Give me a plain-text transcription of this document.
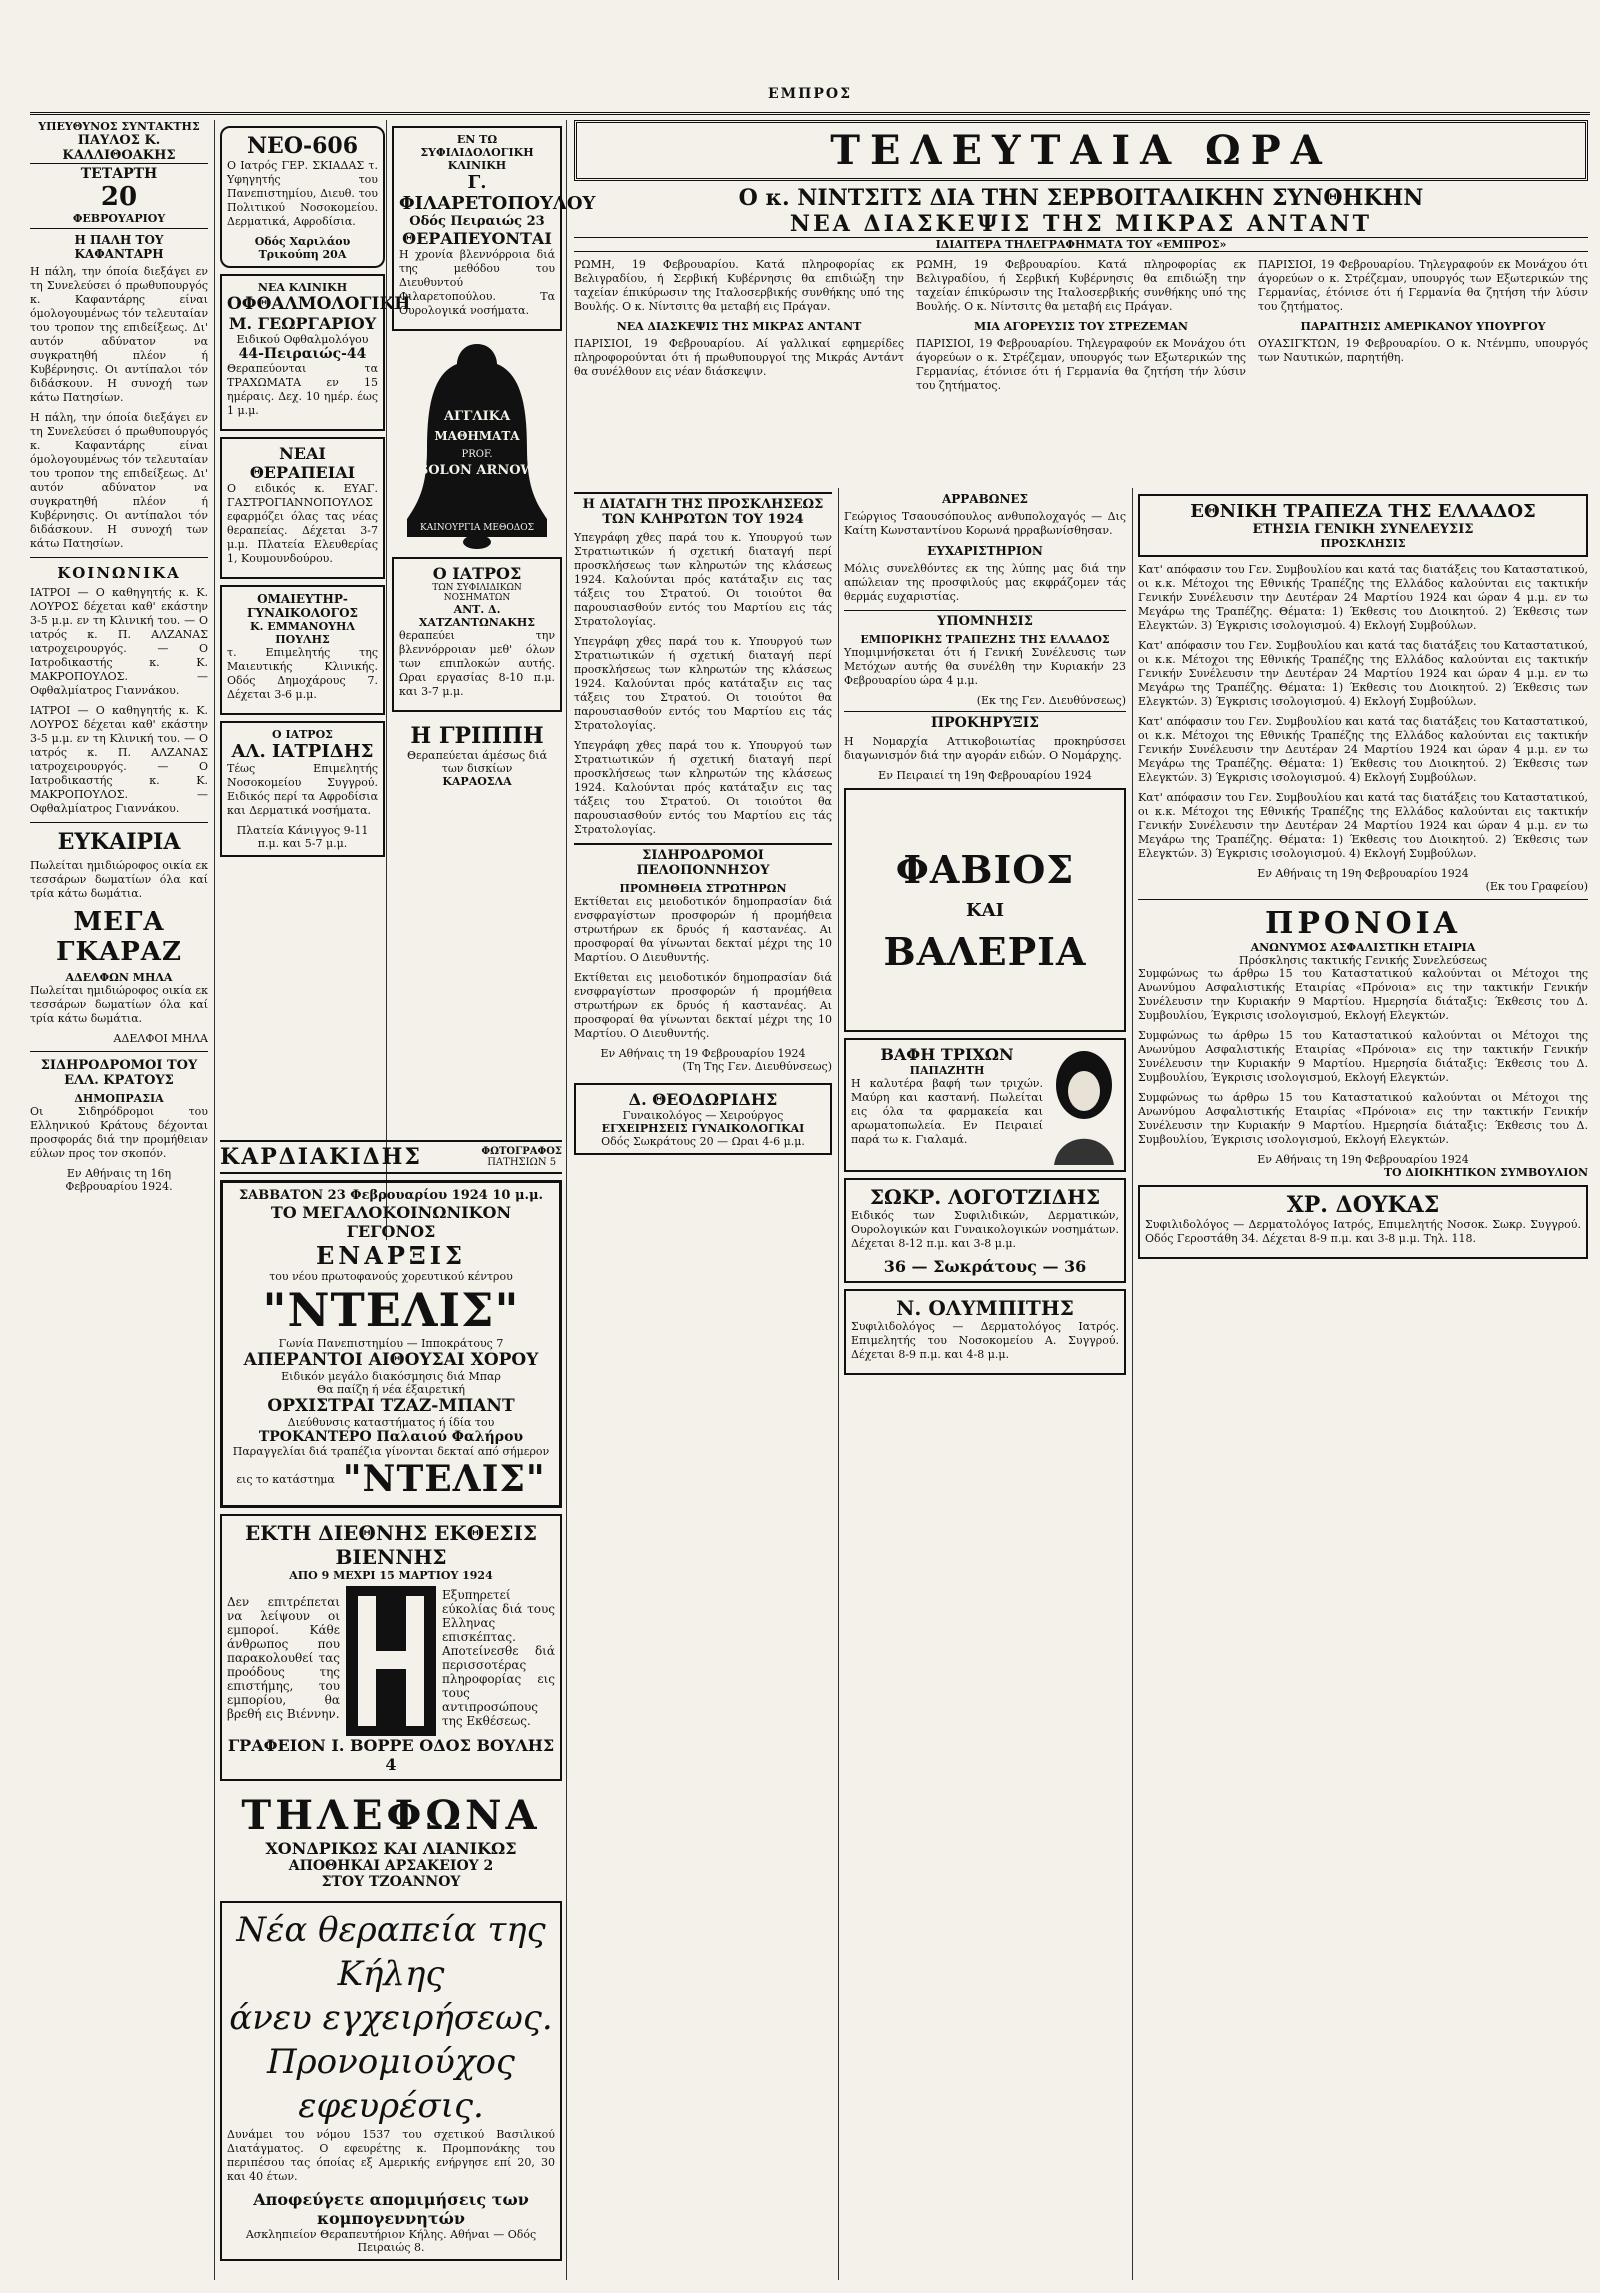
ΕΜΠΡΟΣ
ΥΠΕΥΘΥΝΟΣ ΣΥΝΤΑΚΤΗΣ
ΠΑΥΛΟΣ Κ. ΚΑΛΛΙΘΟΑΚΗΣ
ΤΕΤΑΡΤΗ
20
ΦΕΒΡΟΥΑΡΙΟΥ
Η ΠΑΛΗ ΤΟΥ ΚΑΦΑΝΤΑΡΗ

Η πάλη, την όποία διεξάγει εν τη Συνελεύσει ό πρωθυπουργός κ. Καφαντάρης είναι όμολογουμένως τόν τελευταίαν του τροπον της επιδείξεως. Δι' αυτόν αδύνατον να συγκρατηθή πλέον ή Κυβέρνησις. Οι αντίπαλοι τόν διδάσκουν. Η συνοχή των κάτω Πατησίων.

Η πάλη, την όποία διεξάγει εν τη Συνελεύσει ό πρωθυπουργός κ. Καφαντάρης είναι όμολογουμένως τόν τελευταίαν του τροπον της επιδείξεως. Δι' αυτόν αδύνατον να συγκρατηθή πλέον ή Κυβέρνησις. Οι αντίπαλοι τόν διδάσκουν. Η συνοχή των κάτω Πατησίων.

ΚΟΙΝΩΝΙΚΑ

ΙΑΤΡΟΙ — Ο καθηγητής κ. Κ. ΛΟΥΡΟΣ δέχεται καθ' εκάστην 3-5 μ.μ. εν τη Κλινική του. — Ο ιατρός κ. Π. ΑΛΖΑΝΑΣ ιατροχειρουργός. — Ο Ιατροδικαστής κ. Κ. ΜΑΚΡΟΠΟΥΛΟΣ. — Οφθαλμίατρος Γιαννάκου.

ΙΑΤΡΟΙ — Ο καθηγητής κ. Κ. ΛΟΥΡΟΣ δέχεται καθ' εκάστην 3-5 μ.μ. εν τη Κλινική του. — Ο ιατρός κ. Π. ΑΛΖΑΝΑΣ ιατροχειρουργός. — Ο Ιατροδικαστής κ. Κ. ΜΑΚΡΟΠΟΥΛΟΣ. — Οφθαλμίατρος Γιαννάκου.

ΕΥΚΑΙΡΙΑ

Πωλείται ημιδιώροφος οικία εκ τεσσάρων δωματίων όλα καί τρία κάτω δωμάτια.

ΜΕΓΑ ΓΚΑΡΑΖ
ΑΔΕΛΦΩΝ ΜΗΛΑ

Πωλείται ημιδιώροφος οικία εκ τεσσάρων δωματίων όλα καί τρία κάτω δωμάτια.

ΑΔΕΛΦΟΙ ΜΗΛΑ
ΣΙΔΗΡΟΔΡΟΜΟΙ ΤΟΥ ΕΛΛ. ΚΡΑΤΟΥΣ
ΔΗΜΟΠΡΑΣΙΑ

Οι Σιδηρόδρομοι του Ελληνικού Κράτους δέχονται προσφοράς διά την προμήθειαν εύλων προς τον σκοπόν.

Εν Αθήναις τη 16η Φεβρουαρίου 1924.
ΝΕΟ-606

Ο Ιατρός ΓΕΡ. ΣΚΙΑΔΑΣ τ. Υφηγητής του Πανεπιστημίου, Διευθ. του Πολιτικού Νοσοκομείου. Δερματικά, Αφροδίσια.

Οδός Χαριλάου Τρικούπη 20Α
ΝΕΑ ΚΛΙΝΙΚΗ
ΟΦΘΑΛΜΟΛΟΓΙΚΗ
Μ. ΓΕΩΡΓΑΡΙΟΥ
Ειδικού Οφθαλμολόγου
44-Πειραιώς-44

Θεραπεύονται τα ΤΡΑΧΩΜΑΤΑ εν 15 ημέραις. Δεχ. 10 ημέρ. έως 1 μ.μ.

ΝΕΑΙ ΘΕΡΑΠΕΙΑΙ

Ο ειδικός κ. ΕΥΑΓ. ΓΑΣΤΡΟΓΙΑΝΝΟΠΟΥΛΟΣ εφαρμόζει όλας τας νέας θεραπείας. Δέχεται 3-7 μ.μ. Πλατεία Ελευθερίας 1, Κουμουνδούρου.

ΟΜΑΙΕΥΤΗΡ-ΓΥΝΑΙΚΟΛΟΓΟΣ
Κ. ΕΜΜΑΝΟΥΗΛ ΠΟΥΛΗΣ

τ. Επιμελητής της Μαιευτικής Κλινικής. Οδός Δημοχάρους 7. Δέχεται 3-6 μ.μ.

Ο ΙΑΤΡΟΣ
ΑΛ. ΙΑΤΡΙΔΗΣ

Τέως Επιμελητής Νοσοκομείου Συγγρού. Ειδικός περί τα Αφροδίσια και Δερματικά νοσήματα.

Πλατεία Κάνιγγος 9-11 π.μ. και 5-7 μ.μ.
ΕΝ ΤΩ ΣΥΦΙΛΙΔΟΛΟΓΙΚΗ ΚΛΙΝΙΚΗ
Γ. ΦΙΛΑΡΕΤΟΠΟΥΛΟΥ
Οδός Πειραιώς 23
ΘΕΡΑΠΕΥΟΝΤΑΙ

Η χρονία βλεννόρροια διά της μεθόδου του Διευθυντού Φιλαρετοπούλου. Τα Ουρολογικά νοσήματα.

ΑΓΓΛΙΚΑ
ΜΑΘΗΜΑΤΑ
PROF.
SOLON ARNOW
ΚΑΙΝΟΥΡΓΙΑ ΜΕΘΟΔΟΣ
Ο ΙΑΤΡΟΣ
ΤΩΝ ΣΥΦΙΛΙΔΙΚΩΝ ΝΟΣΗΜΑΤΩΝ
ΑΝΤ. Δ. ΧΑΤΖΑΝΤΩΝΑΚΗΣ

θεραπεύει την βλεννόρροιαν μεθ' όλων των επιπλοκών αυτής. Ωραι εργασίας 8-10 π.μ. και 3-7 μ.μ.

Η ΓΡΙΠΠΗ
Θεραπεύεται άμέσως διά των δισκίων
ΚΑΡΑΟΣΛΑ
ΚΑΡΔΙΑΚΙΔΗΣ	ΦΩΤΟΓΡΑΦΟΣ
ΠΑΤΗΣΙΩΝ 5
ΣΑΒΒΑΤΟΝ 23 Φεβρουαρίου 1924 10 μ.μ.
ΤΟ ΜΕΓΑΛΟΚΟΙΝΩΝΙΚΟΝ ΓΕΓΟΝΟΣ
ΕΝΑΡΞΙΣ
του νέου πρωτοφανούς χορευτικού κέντρου
"ΝΤΕΛΙΣ"
Γωνία Πανεπιστημίου — Ιπποκράτους 7
ΑΠΕΡΑΝΤΟΙ ΑΙΘΟΥΣΑΙ ΧΟΡΟΥ
Ειδικόν μεγάλο διακόσμησις διά Μπαρ
Θα παίζη ή νέα έξαιρετική
ΟΡΧΙΣΤΡΑΙ ΤΖΑΖ-ΜΠΑΝΤ
Διεύθυνσις καταστήματος ή ίδία του
ΤΡΟΚΑΝΤΕΡΟ Παλαιού Φαλήρου
Παραγγελίαι διά τραπέζια γίνονται δεκταί από σήμερον
εις το κατάστημα "ΝΤΕΛΙΣ"
ΕΚΤΗ ΔΙΕΘΝΗΣ ΕΚΘΕΣΙΣ ΒΙΕΝΝΗΣ
ΑΠΟ 9 ΜΕΧΡΙ 15 ΜΑΡΤΙΟΥ 1924

Δεν επιτρέπεται να λείψουν οι εμποροί. Κάθε άνθρωπος που παρακολουθεί τας προόδους της επιστήμης, του εμπορίου, θα βρεθή εις Βιέννην.

Εξυπηρετεί εύκολίας διά τους Ελληνας επισκέπτας. Αποτείνεσθε διά περισσοτέρας πληροφορίας εις τους αντιπροσώπους της Εκθέσεως.

ΓΡΑΦΕΙΟΝ Ι. ΒΟΡΡΕ ΟΔΟΣ ΒΟΥΛΗΣ 4
ΤΗΛΕΦΩΝΑ
ΧΟΝΔΡΙΚΩΣ ΚΑΙ ΛΙΑΝΙΚΩΣ
ΑΠΟΘΗΚΑΙ ΑΡΣΑΚΕΙΟΥ 2
ΣΤΟΥ ΤΖΟΑΝΝΟΥ
Νέα θεραπεία της Κήλης
άνευ εγχειρήσεως.
Προνομιούχος εφευρέσις.

Δυνάμει του νόμου 1537 του σχετικού Βασιλικού Διατάγματος. Ο εφευρέτης κ. Προμπονάκης του περιπέσου τας όποίας εξ Αμερικής ενήργησε επί 20, 30 και 40 έτων.

Αποφεύγετε απομιμήσεις των κομπογεννητών
Ασκληπιείον Θεραπευτήριον Κήλης. Αθήναι — Οδός Πειραιώς 8.
ΤΕΛΕΥΤΑΙΑ ΩΡΑ
Ο κ. ΝΙΝΤΣΙΤΣ ΔΙΑ ΤΗΝ ΣΕΡΒΟΙΤΑΛΙΚΗΝ ΣΥΝΘΗΚΗΝ
ΝΕΑ ΔΙΑΣΚΕΨΙΣ ΤΗΣ ΜΙΚΡΑΣ ΑΝΤΑΝΤ
ΙΔΙΑΙΤΕΡΑ ΤΗΛΕΓΡΑΦΗΜΑΤΑ ΤΟΥ «ΕΜΠΡΟΣ»

ΡΩΜΗ, 19 Φεβρουαρίου. Κατά πληροφορίας εκ Βελιγραδίου, ή Σερβική Κυβέρνησις θα επιδιώξη την ταχείαν έπικύρωσιν της Ιταλοσερβικής συνθήκης υπό της Βουλής. Ο κ. Νίντσιτς θα μεταβή εις Πράγαν.

ΝΕΑ ΔΙΑΣΚΕΨΙΣ ΤΗΣ ΜΙΚΡΑΣ ΑΝΤΑΝΤ

ΠΑΡΙΣΙΟΙ, 19 Φεβρουαρίου. Αί γαλλικαί εφημερίδες πληροφορούνται ότι ή πρωθυπουργοί της Μικράς Αντάντ θα συνέλθουν εις νέαν διάσκεψιν.

ΡΩΜΗ, 19 Φεβρουαρίου. Κατά πληροφορίας εκ Βελιγραδίου, ή Σερβική Κυβέρνησις θα επιδιώξη την ταχείαν έπικύρωσιν της Ιταλοσερβικής συνθήκης υπό της Βουλής. Ο κ. Νίντσιτς θα μεταβή εις Πράγαν.

ΜΙΑ ΑΓΟΡΕΥΣΙΣ ΤΟΥ ΣΤΡΕΖΕΜΑΝ

ΠΑΡΙΣΙΟΙ, 19 Φεβρουαρίου. Τηλεγραφούν εκ Μονάχου ότι άγορεύων ο κ. Στρέζεμαν, υπουργός των Εξωτερικών της Γερμανίας, έτόνισε ότι ή Γερμανία θα ζητήση τήν λύσιν του ζητήματος.

ΠΑΡΙΣΙΟΙ, 19 Φεβρουαρίου. Τηλεγραφούν εκ Μονάχου ότι άγορεύων ο κ. Στρέζεμαν, υπουργός των Εξωτερικών της Γερμανίας, έτόνισε ότι ή Γερμανία θα ζητήση τήν λύσιν του ζητήματος.

ΠΑΡΑΙΤΗΣΙΣ ΑΜΕΡΙΚΑΝΟΥ ΥΠΟΥΡΓΟΥ

ΟΥΑΣΙΓΚΤΩΝ, 19 Φεβρουαρίου. Ο κ. Ντένμπυ, υπουργός των Ναυτικών, παρητήθη.

Η ΔΙΑΤΑΓΗ ΤΗΣ ΠΡΟΣΚΛΗΣΕΩΣ ΤΩΝ ΚΛΗΡΩΤΩΝ ΤΟΥ 1924

Υπεγράφη χθες παρά του κ. Υπουργού των Στρατιωτικών ή σχετική διαταγή περί προσκλήσεως των κληρωτών της κλάσεως 1924. Καλούνται πρός κατάταξιν εις τας τάξεις του Στρατού. Οι τοιούτοι θα παρουσιασθούν εντός του Μαρτίου εις τάς Στρατολογίας.

Υπεγράφη χθες παρά του κ. Υπουργού των Στρατιωτικών ή σχετική διαταγή περί προσκλήσεως των κληρωτών της κλάσεως 1924. Καλούνται πρός κατάταξιν εις τας τάξεις του Στρατού. Οι τοιούτοι θα παρουσιασθούν εντός του Μαρτίου εις τάς Στρατολογίας.

Υπεγράφη χθες παρά του κ. Υπουργού των Στρατιωτικών ή σχετική διαταγή περί προσκλήσεως των κληρωτών της κλάσεως 1924. Καλούνται πρός κατάταξιν εις τας τάξεις του Στρατού. Οι τοιούτοι θα παρουσιασθούν εντός του Μαρτίου εις τάς Στρατολογίας.

ΣΙΔΗΡΟΔΡΟΜΟΙ ΠΕΛΟΠΟΝΝΗΣΟΥ
ΠΡΟΜΗΘΕΙΑ ΣΤΡΩΤΗΡΩΝ

Εκτίθεται εις μειοδοτικόν δημοπρασίαν διά ενσφραγίστων προσφορών ή προμήθεια στρωτήρων εκ δρυός ή καστανέας. Αι προσφοραί θα γίνωνται δεκταί μέχρι της 10 Μαρτίου. Ο Διευθυντής.

Εκτίθεται εις μειοδοτικόν δημοπρασίαν διά ενσφραγίστων προσφορών ή προμήθεια στρωτήρων εκ δρυός ή καστανέας. Αι προσφοραί θα γίνωνται δεκταί μέχρι της 10 Μαρτίου. Ο Διευθυντής.

Εν Αθήναις τη 19 Φεβρουαρίου 1924
(Τη Της Γεν. Διευθύνσεως)
Δ. ΘΕΟΔΩΡΙΔΗΣ
Γυναικολόγος — Χειρούργος
ΕΓΧΕΙΡΗΣΕΙΣ ΓΥΝΑΙΚΟΛΟΓΙΚΑΙ
Οδός Σωκράτους 20 — Ωραι 4-6 μ.μ.
ΑΡΡΑΒΩΝΕΣ

Γεώργιος Τσαουσόπουλος ανθυπολοχαγός — Δις Καίτη Κωνσταντίνου Κορωνά ηρραβωνίσθησαν.

ΕΥΧΑΡΙΣΤΗΡΙΟΝ

Μόλις συνελθόντες εκ της λύπης μας διά την απώλειαν της προσφιλούς μας εκφράζομεν τάς θερμάς ευχαριστίας.

ΥΠΟΜΝΗΣΙΣ
ΕΜΠΟΡΙΚΗΣ ΤΡΑΠΕΖΗΣ ΤΗΣ ΕΛΛΑΔΟΣ

Υπομιμνήσκεται ότι ή Γενική Συνέλευσις των Μετόχων αυτής θα συνέλθη την Κυριακήν 23 Φεβρουαρίου ώρα 4 μ.μ.

(Εκ της Γεν. Διευθύνσεως)
ΠΡΟΚΗΡΥΞΙΣ

Η Νομαρχία Αττικοβοιωτίας προκηρύσσει διαγωνισμόν διά την αγοράν ειδών. Ο Νομάρχης.

Εν Πειραιεί τη 19η Φεβρουαρίου 1924
ΦΑΒΙΟΣ
ΚΑΙ
ΒΑΛΕΡΙΑ
ΒΑΦΗ ΤΡΙΧΩΝ
ΠΑΠΑΖΗΤΗ

Η καλυτέρα βαφή των τριχών. Μαύρη και καστανή. Πωλείται εις όλα τα φαρμακεία και αρωματοπωλεία. Εν Πειραιεί παρά τω κ. Γιαλαμά.

ΣΩΚΡ. ΛΟΓΟΤΖΙΔΗΣ

Ειδικός των Συφιλιδικών, Δερματικών, Ουρολογικών και Γυναικολογικών νοσημάτων. Δέχεται 8-12 π.μ. και 3-8 μ.μ.

36 — Σωκράτους — 36
Ν. ΟΛΥΜΠΙΤΗΣ

Συφιλιδολόγος — Δερματολόγος Ιατρός. Επιμελητής του Νοσοκομείου Α. Συγγρού. Δέχεται 8-9 π.μ. και 4-8 μ.μ.

ΕΘΝΙΚΗ ΤΡΑΠΕΖΑ ΤΗΣ ΕΛΛΑΔΟΣ
ΕΤΗΣΙΑ ΓΕΝΙΚΗ ΣΥΝΕΛΕΥΣΙΣ
ΠΡΟΣΚΛΗΣΙΣ

Κατ' απόφασιν του Γεν. Συμβουλίου και κατά τας διατάξεις του Καταστατικού, οι κ.κ. Μέτοχοι της Εθνικής Τραπέζης της Ελλάδος καλούνται εις τακτικήν Γενικήν Συνέλευσιν την Δευτέραν 24 Μαρτίου 1924 και ώραν 4 μ.μ. εν τω Μεγάρω της Τραπέζης. Θέματα: 1) Έκθεσις του Διοικητού. 2) Έκθεσις των Ελεγκτών. 3) Έγκρισις ισολογισμού. 4) Εκλογή Συμβούλων.

Κατ' απόφασιν του Γεν. Συμβουλίου και κατά τας διατάξεις του Καταστατικού, οι κ.κ. Μέτοχοι της Εθνικής Τραπέζης της Ελλάδος καλούνται εις τακτικήν Γενικήν Συνέλευσιν την Δευτέραν 24 Μαρτίου 1924 και ώραν 4 μ.μ. εν τω Μεγάρω της Τραπέζης. Θέματα: 1) Έκθεσις του Διοικητού. 2) Έκθεσις των Ελεγκτών. 3) Έγκρισις ισολογισμού. 4) Εκλογή Συμβούλων.

Κατ' απόφασιν του Γεν. Συμβουλίου και κατά τας διατάξεις του Καταστατικού, οι κ.κ. Μέτοχοι της Εθνικής Τραπέζης της Ελλάδος καλούνται εις τακτικήν Γενικήν Συνέλευσιν την Δευτέραν 24 Μαρτίου 1924 και ώραν 4 μ.μ. εν τω Μεγάρω της Τραπέζης. Θέματα: 1) Έκθεσις του Διοικητού. 2) Έκθεσις των Ελεγκτών. 3) Έγκρισις ισολογισμού. 4) Εκλογή Συμβούλων.

Κατ' απόφασιν του Γεν. Συμβουλίου και κατά τας διατάξεις του Καταστατικού, οι κ.κ. Μέτοχοι της Εθνικής Τραπέζης της Ελλάδος καλούνται εις τακτικήν Γενικήν Συνέλευσιν την Δευτέραν 24 Μαρτίου 1924 και ώραν 4 μ.μ. εν τω Μεγάρω της Τραπέζης. Θέματα: 1) Έκθεσις του Διοικητού. 2) Έκθεσις των Ελεγκτών. 3) Έγκρισις ισολογισμού. 4) Εκλογή Συμβούλων.

Εν Αθήναις τη 19η Φεβρουαρίου 1924
(Εκ του Γραφείου)
ΠΡΟΝΟΙΑ
ΑΝΩΝΥΜΟΣ ΑΣΦΑΛΙΣΤΙΚΗ ΕΤΑΙΡΙΑ
Πρόσκλησις τακτικής Γενικής Συνελεύσεως

Συμφώνως τω άρθρω 15 του Καταστατικού καλούνται οι Μέτοχοι της Ανωνύμου Ασφαλιστικής Εταιρίας «Πρόνοια» εις την τακτικήν Γενικήν Συνέλευσιν την Κυριακήν 9 Μαρτίου. Ημερησία διάταξις: Έκθεσις του Δ. Συμβουλίου, Έγκρισις ισολογισμού, Εκλογή Ελεγκτών.

Συμφώνως τω άρθρω 15 του Καταστατικού καλούνται οι Μέτοχοι της Ανωνύμου Ασφαλιστικής Εταιρίας «Πρόνοια» εις την τακτικήν Γενικήν Συνέλευσιν την Κυριακήν 9 Μαρτίου. Ημερησία διάταξις: Έκθεσις του Δ. Συμβουλίου, Έγκρισις ισολογισμού, Εκλογή Ελεγκτών.

Συμφώνως τω άρθρω 15 του Καταστατικού καλούνται οι Μέτοχοι της Ανωνύμου Ασφαλιστικής Εταιρίας «Πρόνοια» εις την τακτικήν Γενικήν Συνέλευσιν την Κυριακήν 9 Μαρτίου. Ημερησία διάταξις: Έκθεσις του Δ. Συμβουλίου, Έγκρισις ισολογισμού, Εκλογή Ελεγκτών.

Εν Αθήναις τη 19η Φεβρουαρίου 1924
ΤΟ ΔΙΟΙΚΗΤΙΚΟΝ ΣΥΜΒΟΥΛΙΟΝ
ΧΡ. ΔΟΥΚΑΣ

Συφιλιδολόγος — Δερματολόγος Ιατρός, Επιμελητής Νοσοκ. Σωκρ. Συγγρού. Οδός Γεροστάθη 34. Δέχεται 8-9 π.μ. και 3-8 μ.μ. Τηλ. 118.
